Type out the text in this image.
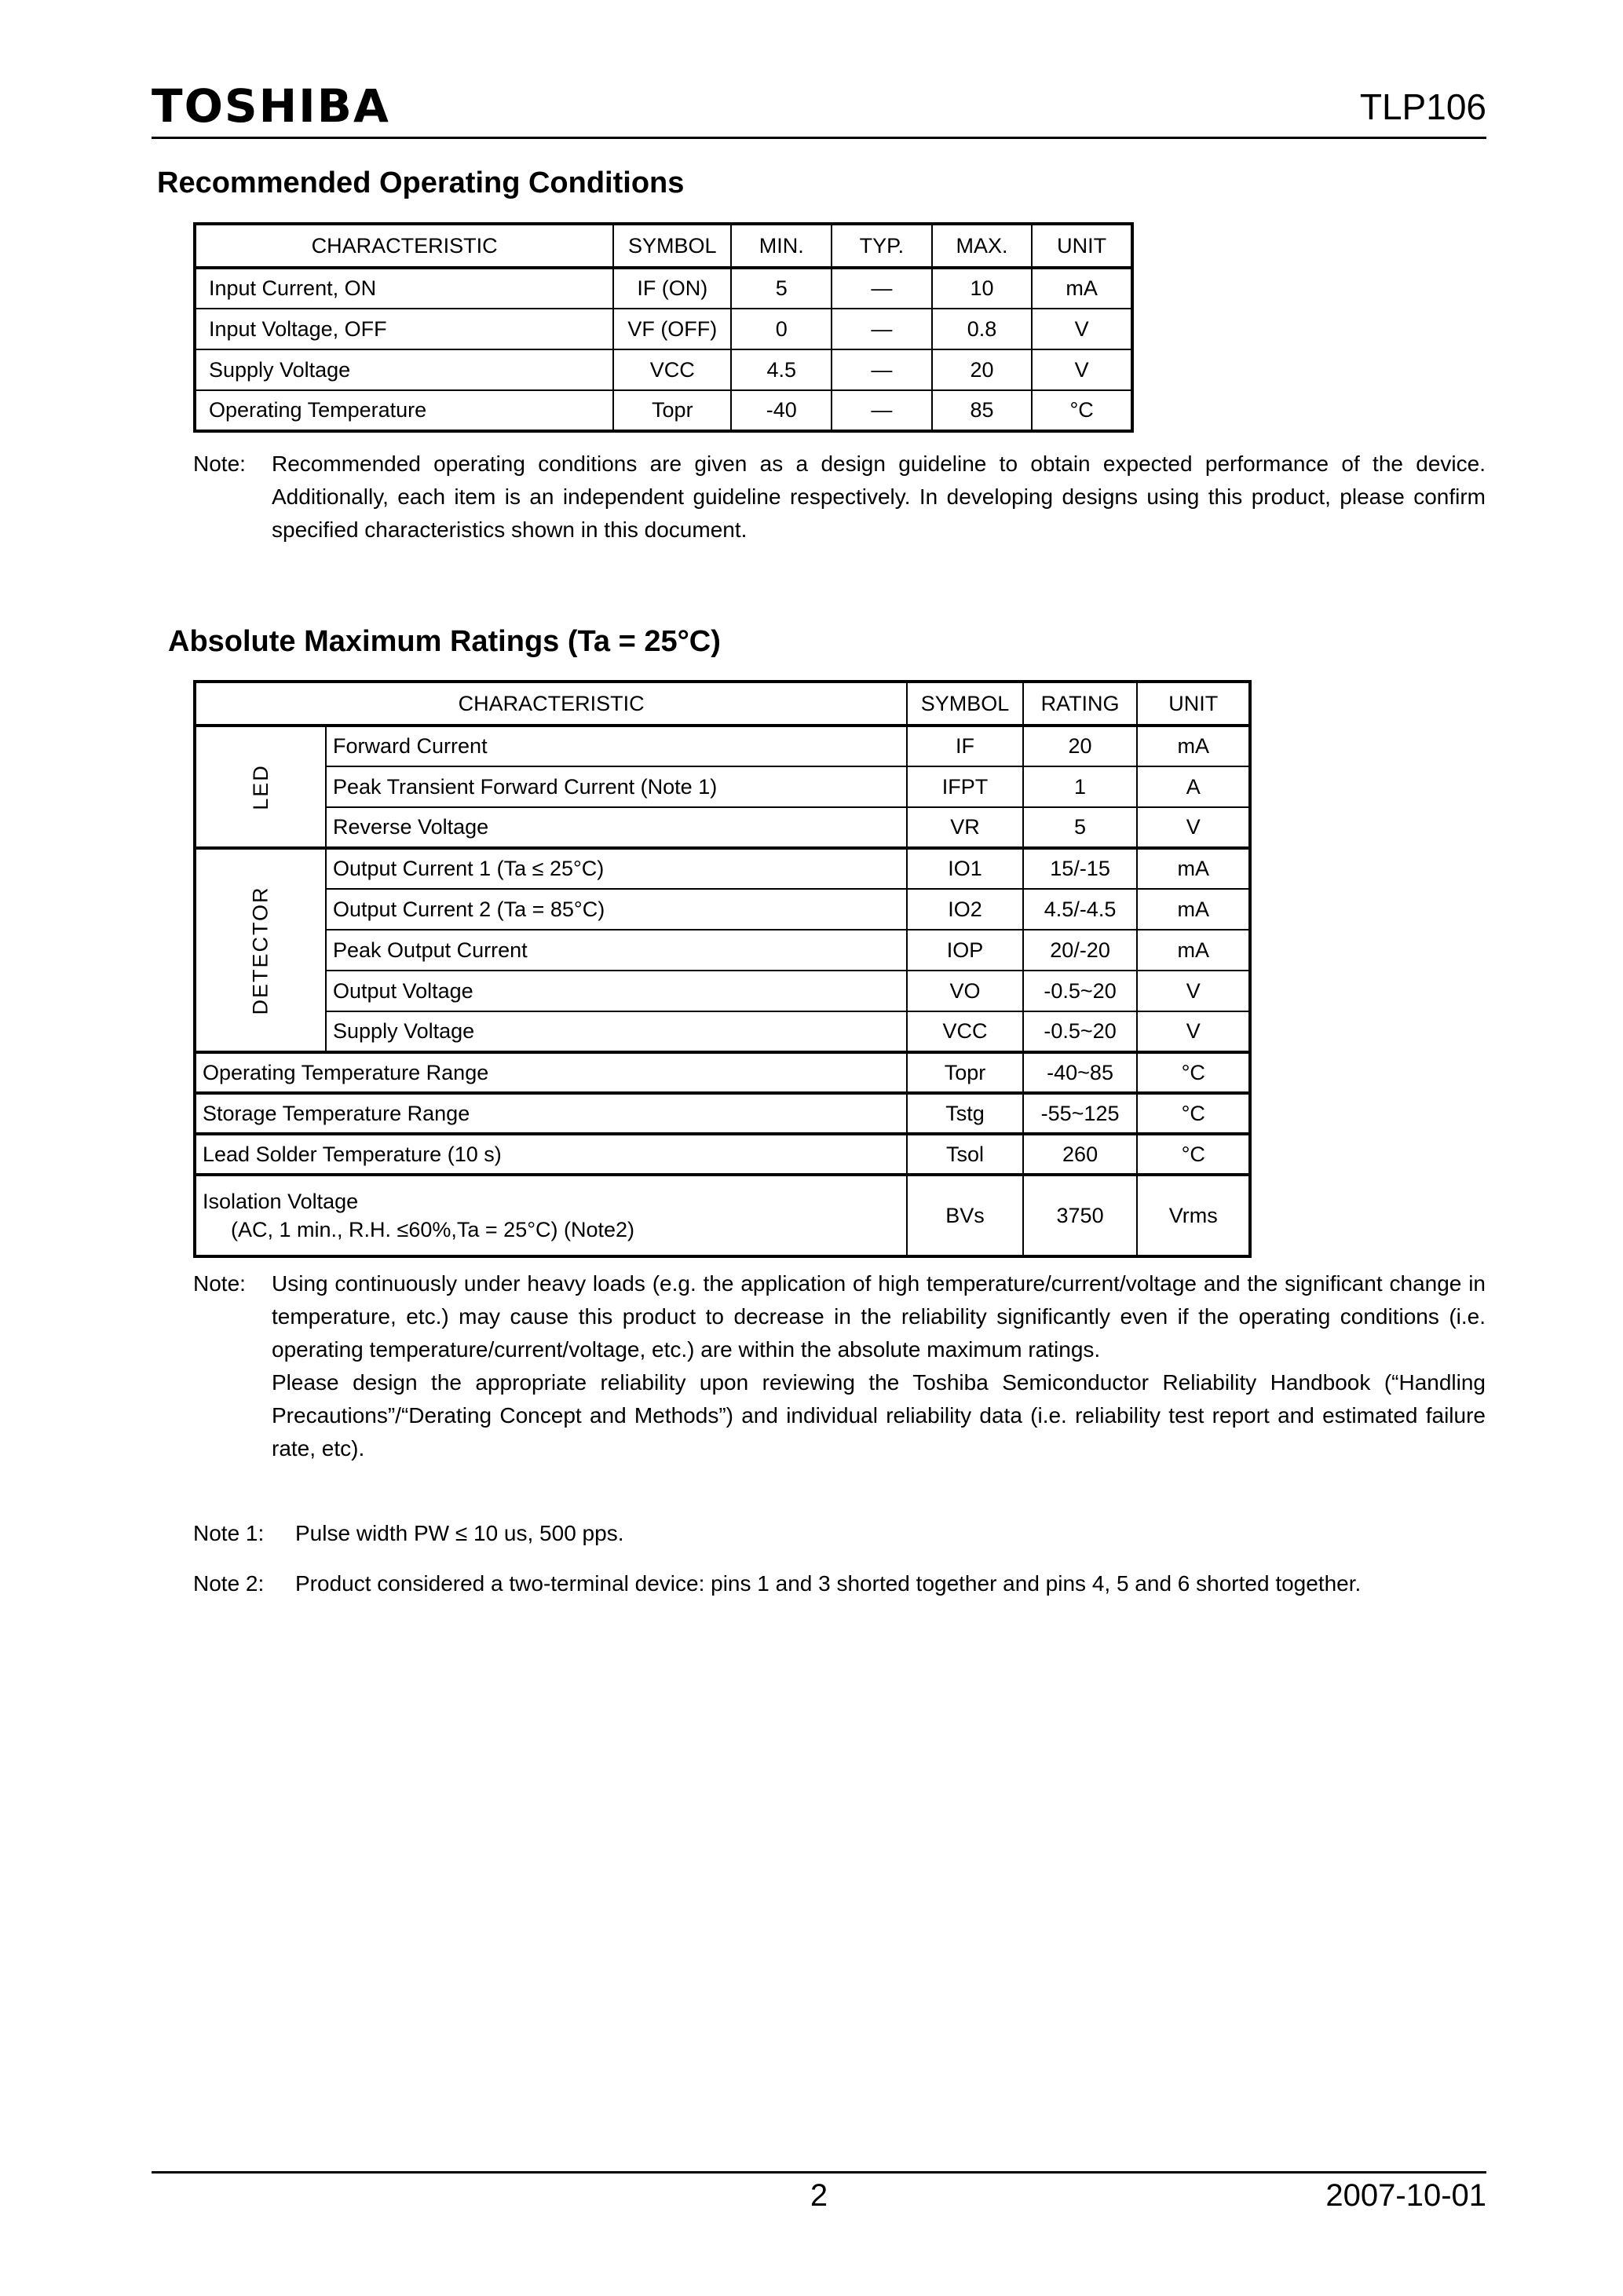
TOSHIBA	TLP106
Recommended Operating Conditions
CHARACTERISTIC	SYMBOL	MIN.	TYP.	MAX.	UNIT
Input Current, ON	IF (ON)	5	—	10	mA
Input Voltage, OFF	VF (OFF)	0	—	0.8	V
Supply Voltage	VCC	4.5	—	20	V
Operating Temperature	Topr	-40	—	85	°C
Note: Recommended operating conditions are given as a design guideline to obtain expected performance of the device. Additionally, each item is an independent guideline respectively. In developing designs using this product, please confirm specified characteristics shown in this document.
Absolute Maximum Ratings (Ta = 25°C)
CHARACTERISTIC		SYMBOL	RATING	UNIT
LED	Forward Current	IF	20	mA
	Peak Transient Forward Current (Note 1)	IFPT	1	A
	Reverse Voltage	VR	5	V
DETECTOR	Output Current 1 (Ta ≤ 25°C)	IO1	15/-15	mA
	Output Current 2 (Ta = 85°C)	IO2	4.5/-4.5	mA
	Peak Output Current	IOP	20/-20	mA
	Output Voltage	VO	-0.5~20	V
	Supply Voltage	VCC	-0.5~20	V
Operating Temperature Range		Topr	-40~85	°C
Storage Temperature Range		Tstg	-55~125	°C
Lead Solder Temperature (10 s)		Tsol	260	°C

Isolation Voltage
(AC, 1 min., R.H. ≤60%,Ta = 25°C) (Note2)		BVs	3750	Vrms
Note: Using continuously under heavy loads (e.g. the application of high temperature/current/voltage and the significant change in temperature, etc.) may cause this product to decrease in the reliability significantly even if the operating conditions (i.e. operating temperature/current/voltage, etc.) are within the absolute maximum ratings.
Please design the appropriate reliability upon reviewing the Toshiba Semiconductor Reliability Handbook (“Handling Precautions”/“Derating Concept and Methods”) and individual reliability data (i.e. reliability test report and estimated failure rate, etc).
Note 1: Pulse width PW ≤ 10 us, 500 pps.
Note 2: Product considered a two-terminal device: pins 1 and 3 shorted together and pins 4, 5 and 6 shorted together.
2	2007-10-01
